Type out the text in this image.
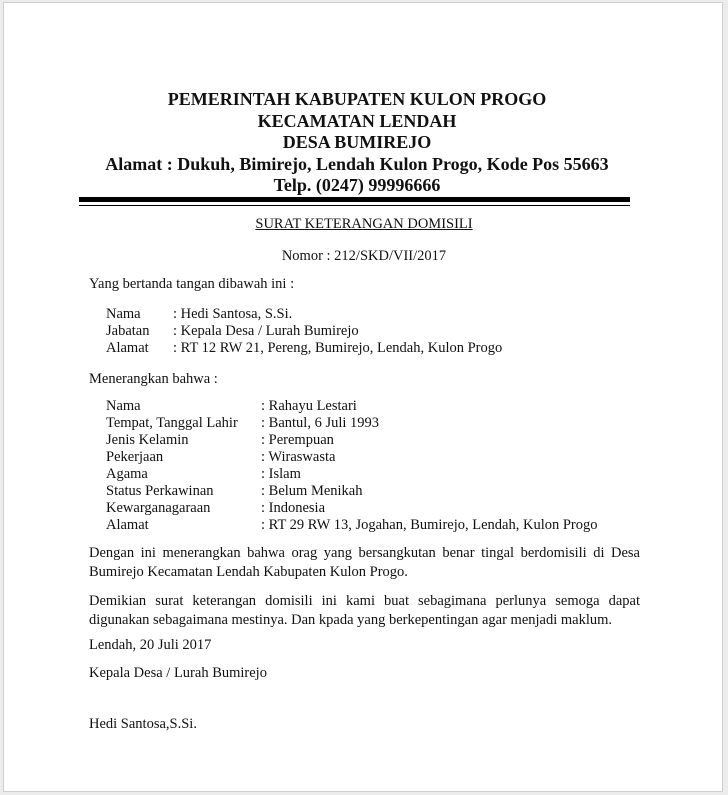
PEMERINTAH KABUPATEN KULON PROGO
KECAMATAN LENDAH
DESA BUMIREJO
Alamat : Dukuh, Bimirejo, Lendah Kulon Progo, Kode Pos 55663
Telp. (0247) 99996666
SURAT KETERANGAN DOMISILI
Nomor : 212/SKD/VII/2017
Yang bertanda tangan dibawah ini :
Nama	: Hedi Santosa, S.Si.
Jabatan	: Kepala Desa / Lurah Bumirejo
Alamat	: RT 12 RW 21, Pereng, Bumirejo, Lendah, Kulon Progo
Menerangkan bahwa :
Nama	: Rahayu Lestari
Tempat, Tanggal Lahir	: Bantul, 6 Juli 1993
Jenis Kelamin	: Perempuan
Pekerjaan	: Wiraswasta
Agama	: Islam
Status Perkawinan	: Belum Menikah
Kewarganagaraan	: Indonesia
Alamat	: RT 29 RW 13, Jogahan, Bumirejo, Lendah, Kulon Progo
Dengan ini menerangkan bahwa orag yang bersangkutan benar tingal berdomisili di Desa Bumirejo Kecamatan Lendah Kabupaten Kulon Progo.
Demikian surat keterangan domisili ini kami buat sebagimana perlunya semoga dapat digunakan sebagaimana mestinya. Dan kpada yang berkepentingan agar menjadi maklum.
Lendah, 20 Juli 2017
Kepala Desa / Lurah Bumirejo
Hedi Santosa,S.Si.
